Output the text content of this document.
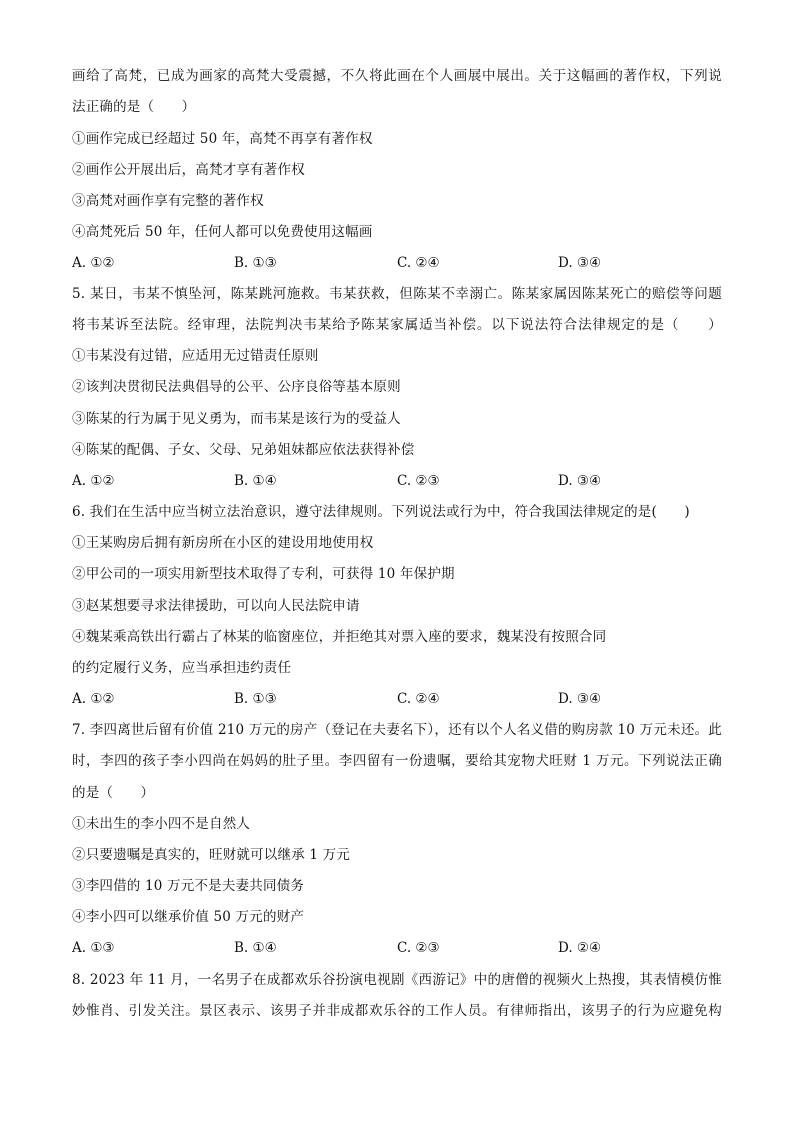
画给了高梵，已成为画家的高梵大受震撼，不久将此画在个人画展中展出。关于这幅画的著作权，下列说
法正确的是（　　）
①画作完成已经超过 50 年，高梵不再享有著作权
②画作公开展出后，高梵才享有著作权
③高梵对画作享有完整的著作权
④高梵死后 50 年，任何人都可以免费使用这幅画
A. ①②	B. ①③	C. ②④	D. ③④
5. 某日，韦某不慎坠河，陈某跳河施救。韦某获救，但陈某不幸溺亡。陈某家属因陈某死亡的赔偿等问题
将韦某诉至法院。经审理，法院判决韦某给予陈某家属适当补偿。以下说法符合法律规定的是（　　）
①韦某没有过错，应适用无过错责任原则
②该判决贯彻民法典倡导的公平、公序良俗等基本原则
③陈某的行为属于见义勇为，而韦某是该行为的受益人
④陈某的配偶、子女、父母、兄弟姐妹都应依法获得补偿
A. ①②	B. ①④	C. ②③	D. ③④
6. 我们在生活中应当树立法治意识，遵守法律规则。下列说法或行为中，符合我国法律规定的是(　　)
①王某购房后拥有新房所在小区的建设用地使用权
②甲公司的一项实用新型技术取得了专利，可获得 10 年保护期
③赵某想要寻求法律援助，可以向人民法院申请
④魏某乘高铁出行霸占了林某的临窗座位，并拒绝其对票入座的要求，魏某没有按照合同
的约定履行义务，应当承担违约责任
A. ①②	B. ①③	C. ②④	D. ③④
7. 李四离世后留有价值 210 万元的房产（登记在夫妻名下），还有以个人名义借的购房款 10 万元未还。此
时，李四的孩子李小四尚在妈妈的肚子里。李四留有一份遗嘱，要给其宠物犬旺财 1 万元。下列说法正确
的是（　　）
①未出生的李小四不是自然人
②只要遗嘱是真实的，旺财就可以继承 1 万元
③李四借的 10 万元不是夫妻共同债务
④李小四可以继承价值 50 万元的财产
A. ①③	B. ①④	C. ②③	D. ②④
8. 2023 年 11 月，一名男子在成都欢乐谷扮演电视剧《西游记》中的唐僧的视频火上热搜，其表情模仿惟
妙惟肖、引发关注。景区表示、该男子并非成都欢乐谷的工作人员。有律师指出，该男子的行为应避免构
